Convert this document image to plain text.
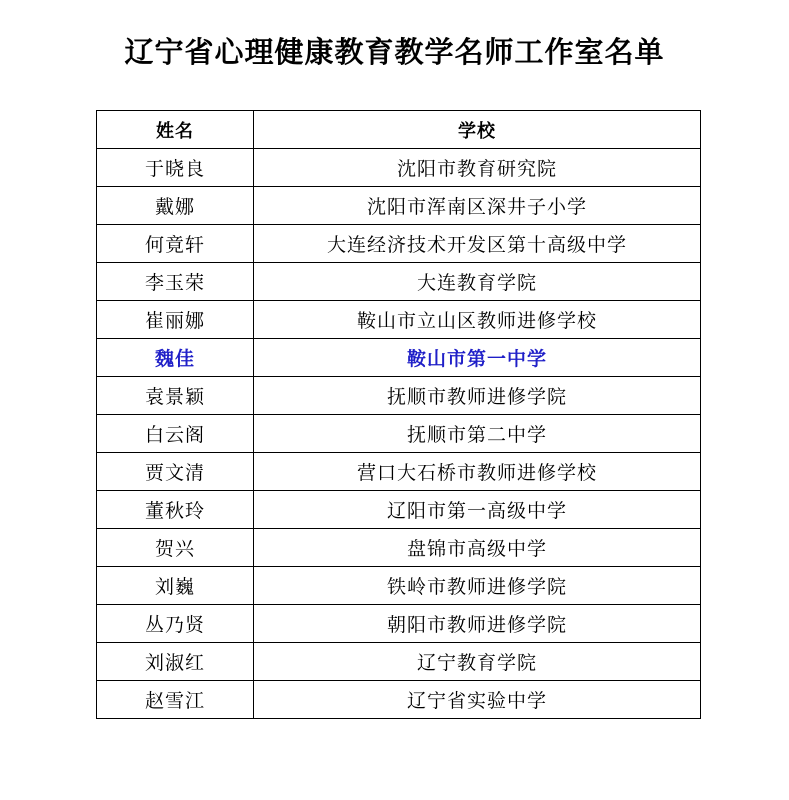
辽宁省心理健康教育教学名师工作室名单
姓名	学校
于晓良	沈阳市教育研究院
戴娜	沈阳市浑南区深井子小学
何竟轩	大连经济技术开发区第十高级中学
李玉荣	大连教育学院
崔丽娜	鞍山市立山区教师进修学校
魏佳	鞍山市第一中学
袁景颖	抚顺市教师进修学院
白云阁	抚顺市第二中学
贾文清	营口大石桥市教师进修学校
董秋玲	辽阳市第一高级中学
贺兴	盘锦市高级中学
刘巍	铁岭市教师进修学院
丛乃贤	朝阳市教师进修学院
刘淑红	辽宁教育学院
赵雪江	辽宁省实验中学
